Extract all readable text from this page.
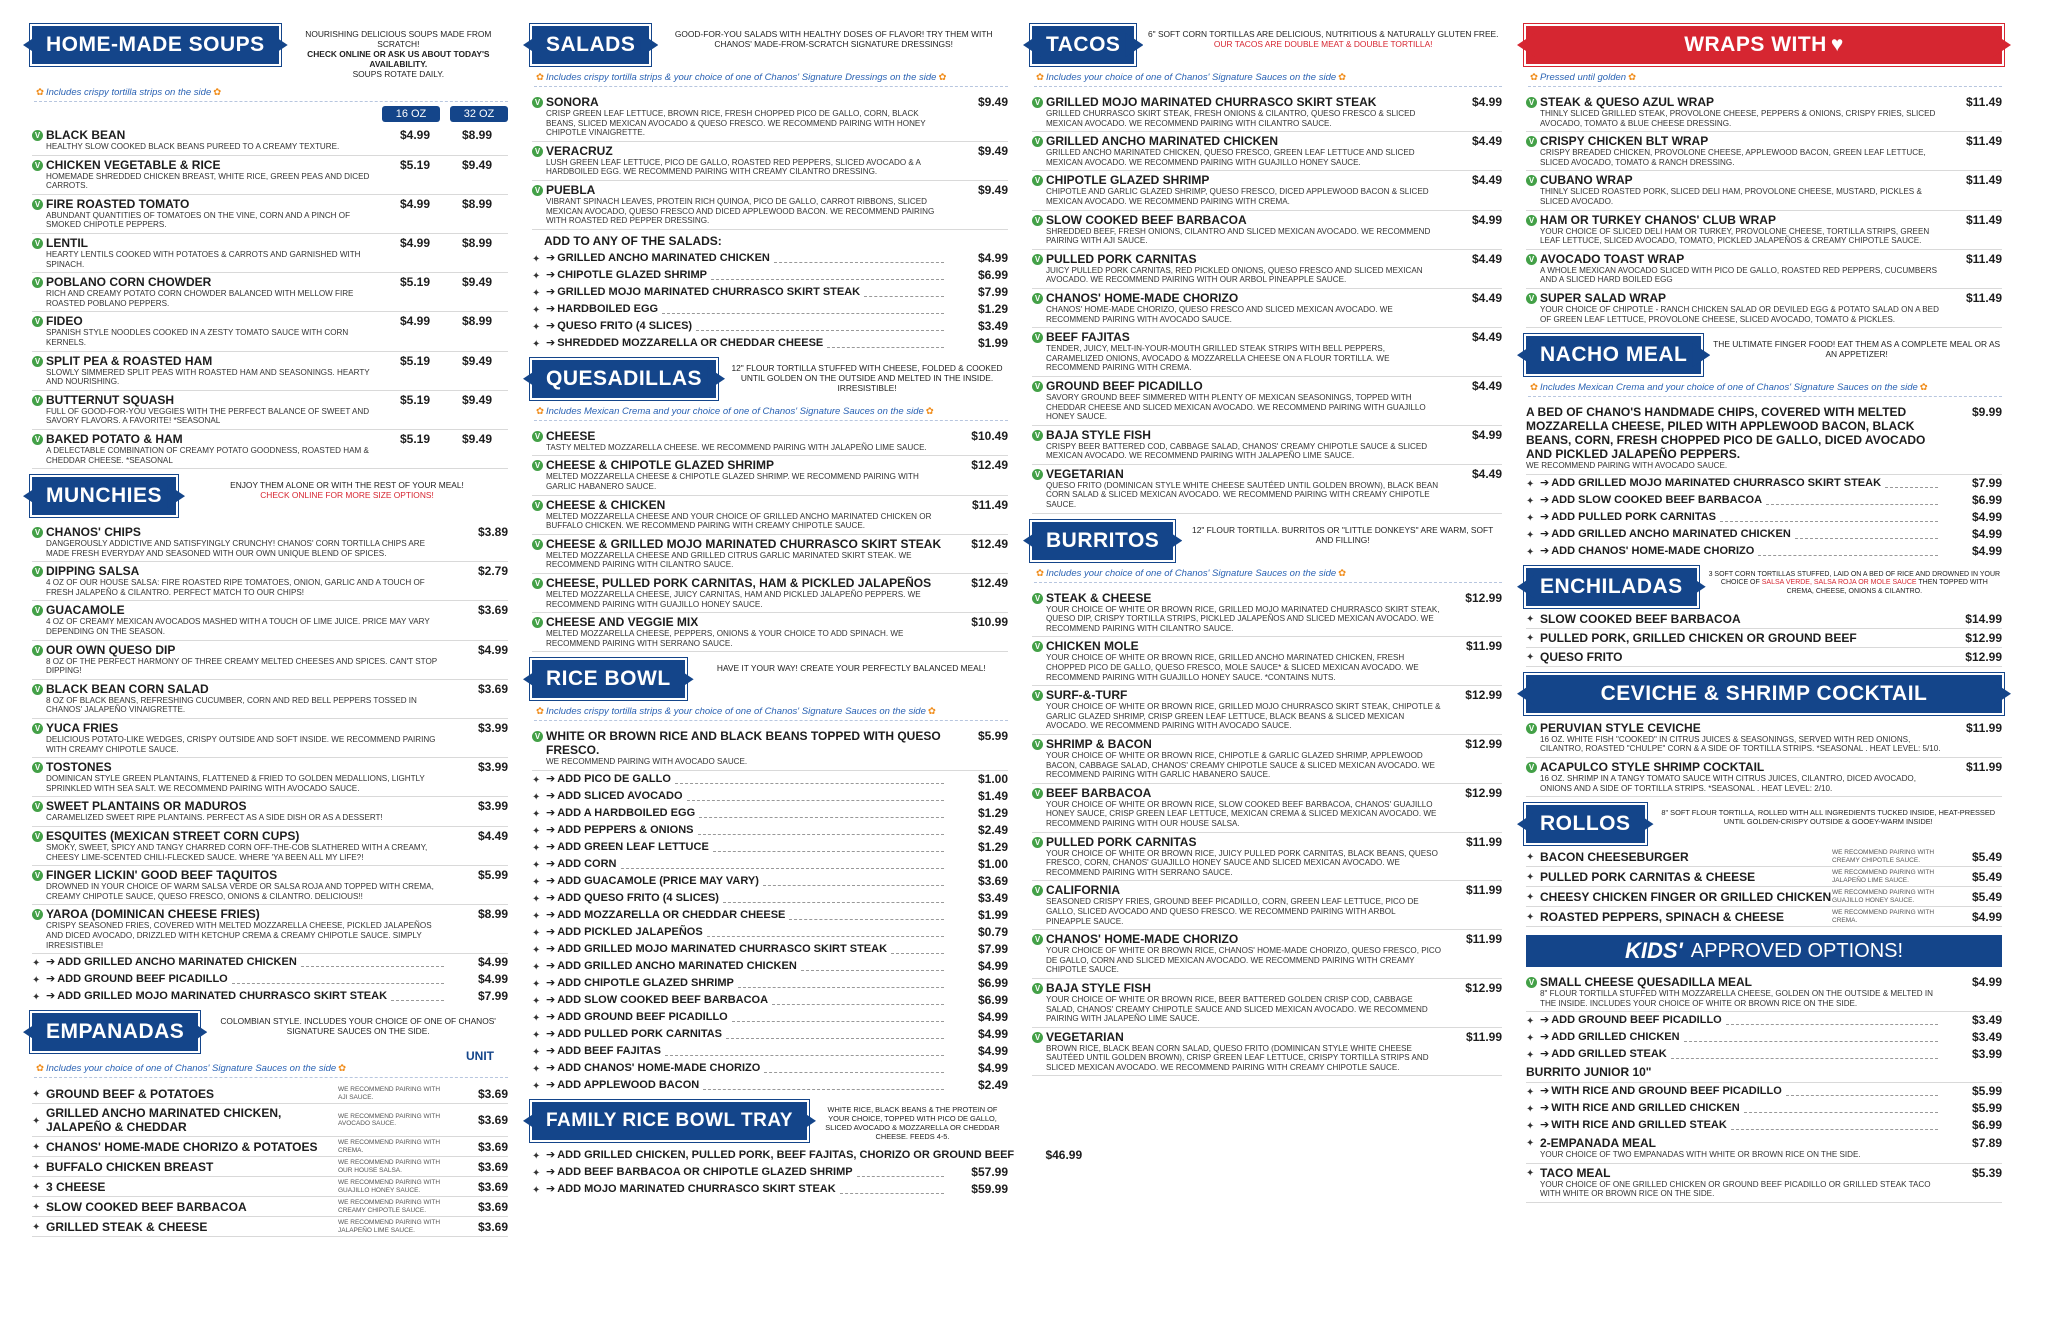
HOME-MADE SOUPS	NOURISHING DELICIOUS SOUPS MADE FROM SCRATCH!
CHECK ONLINE OR ASK US ABOUT TODAY'S AVAILABILITY.
SOUPS ROTATE DAILY.
✿ Includes crispy tortilla strips on the side ✿
16 OZ	32 OZ
V BLACK BEAN
HEALTHY SLOW COOKED BLACK BEANS PUREED TO A CREAMY TEXTURE.
$4.99	$8.99
V CHICKEN VEGETABLE & RICE
HOMEMADE SHREDDED CHICKEN BREAST, WHITE RICE, GREEN PEAS AND DICED CARROTS.
$5.19	$9.49
V FIRE ROASTED TOMATO
ABUNDANT QUANTITIES OF TOMATOES ON THE VINE, CORN AND A PINCH OF SMOKED CHIPOTLE PEPPERS.
$4.99	$8.99
V LENTIL
HEARTY LENTILS COOKED WITH POTATOES & CARROTS AND GARNISHED WITH SPINACH.
$4.99	$8.99
V POBLANO CORN CHOWDER
RICH AND CREAMY POTATO CORN CHOWDER BALANCED WITH MELLOW FIRE ROASTED POBLANO PEPPERS.
$5.19	$9.49
V FIDEO
SPANISH STYLE NOODLES COOKED IN A ZESTY TOMATO SAUCE WITH CORN KERNELS.
$4.99	$8.99
V SPLIT PEA & ROASTED HAM
SLOWLY SIMMERED SPLIT PEAS WITH ROASTED HAM AND SEASONINGS. HEARTY AND NOURISHING.
$5.19	$9.49
V BUTTERNUT SQUASH
FULL OF GOOD-FOR-YOU VEGGIES WITH THE PERFECT BALANCE OF SWEET AND SAVORY FLAVORS. A FAVORITE! *SEASONAL
$5.19	$9.49
V BAKED POTATO & HAM
A DELECTABLE COMBINATION OF CREAMY POTATO GOODNESS, ROASTED HAM & CHEDDAR CHEESE. *SEASONAL
$5.19	$9.49
MUNCHIES	ENJOY THEM ALONE OR WITH THE REST OF YOUR MEAL!
CHECK ONLINE FOR MORE SIZE OPTIONS!
V CHANOS' CHIPS
DANGEROUSLY ADDICTIVE AND SATISFYINGLY CRUNCHY! CHANOS' CORN TORTILLA CHIPS ARE MADE FRESH EVERYDAY AND SEASONED WITH OUR OWN UNIQUE BLEND OF SPICES.
$3.89
V DIPPING SALSA
4 OZ OF OUR HOUSE SALSA: FIRE ROASTED RIPE TOMATOES, ONION, GARLIC AND A TOUCH OF FRESH JALAPEÑO & CILANTRO. PERFECT MATCH TO OUR CHIPS!
$2.79
V GUACAMOLE
4 OZ OF CREAMY MEXICAN AVOCADOS MASHED WITH A TOUCH OF LIME JUICE. PRICE MAY VARY DEPENDING ON THE SEASON.
$3.69
V OUR OWN QUESO DIP
8 OZ OF THE PERFECT HARMONY OF THREE CREAMY MELTED CHEESES AND SPICES. CAN'T STOP DIPPING!
$4.99
V BLACK BEAN CORN SALAD
8 OZ OF BLACK BEANS, REFRESHING CUCUMBER, CORN AND RED BELL PEPPERS TOSSED IN CHANOS' JALAPEÑO VINAIGRETTE.
$3.69
V YUCA FRIES
DELICIOUS POTATO-LIKE WEDGES, CRISPY OUTSIDE AND SOFT INSIDE. WE RECOMMEND PAIRING WITH CREAMY CHIPOTLE SAUCE.
$3.99
V TOSTONES
DOMINICAN STYLE GREEN PLANTAINS, FLATTENED & FRIED TO GOLDEN MEDALLIONS, LIGHTLY SPRINKLED WITH SEA SALT. WE RECOMMEND PAIRING WITH AVOCADO SAUCE.
$3.99
V SWEET PLANTAINS OR MADUROS
CARAMELIZED SWEET RIPE PLANTAINS. PERFECT AS A SIDE DISH OR AS A DESSERT!
$3.99
V ESQUITES (MEXICAN STREET CORN CUPS)
SMOKY, SWEET, SPICY AND TANGY CHARRED CORN OFF-THE-COB SLATHERED WITH A CREAMY, CHEESY LIME-SCENTED CHILI-FLECKED SAUCE. WHERE 'YA BEEN ALL MY LIFE?!
$4.49
V FINGER LICKIN' GOOD BEEF TAQUITOS
DROWNED IN YOUR CHOICE OF WARM SALSA VERDE OR SALSA ROJA AND TOPPED WITH CREMA, CREAMY CHIPOTLE SAUCE, QUESO FRESCO, ONIONS & CILANTRO. DELICIOUS!!
$5.99
V YAROA (DOMINICAN CHEESE FRIES)
CRISPY SEASONED FRIES, COVERED WITH MELTED MOZZARELLA CHEESE, PICKLED JALAPEÑOS AND DICED AVOCADO, DRIZZLED WITH KETCHUP CREMA & CREAMY CHIPOTLE SAUCE. SIMPLY IRRESISTIBLE!
$8.99
✦ ➔ ADD GRILLED ANCHO MARINATED CHICKEN	$4.99
✦ ➔ ADD GROUND BEEF PICADILLO	$4.99
✦ ➔ ADD GRILLED MOJO MARINATED CHURRASCO SKIRT STEAK	$7.99
EMPANADAS	COLOMBIAN STYLE. INCLUDES YOUR CHOICE OF ONE OF CHANOS' SIGNATURE SAUCES ON THE SIDE.
UNIT
✿ Includes your choice of one of Chanos' Signature Sauces on the side ✿
✦ GROUND BEEF & POTATOES	WE RECOMMEND PAIRING WITH AJI SAUCE.	$3.69
✦
GRILLED ANCHO MARINATED CHICKEN, JALAPEÑO & CHEDDAR
WE RECOMMEND PAIRING WITH AVOCADO SAUCE.	$3.69
✦ CHANOS' HOME-MADE CHORIZO & POTATOES	WE RECOMMEND PAIRING WITH CREMA.	$3.69
✦ BUFFALO CHICKEN BREAST	WE RECOMMEND PAIRING WITH OUR HOUSE SALSA.	$3.69
✦ 3 CHEESE	WE RECOMMEND PAIRING WITH GUAJILLO HONEY SAUCE.	$3.69
✦ SLOW COOKED BEEF BARBACOA	WE RECOMMEND PAIRING WITH CREAMY CHIPOTLE SAUCE.	$3.69
✦ GRILLED STEAK & CHEESE	WE RECOMMEND PAIRING WITH JALAPEÑO LIME SAUCE.	$3.69
SALADS	GOOD-FOR-YOU SALADS WITH HEALTHY DOSES OF FLAVOR! TRY THEM WITH CHANOS' MADE-FROM-SCRATCH SIGNATURE DRESSINGS!
✿ Includes crispy tortilla strips & your choice of one of Chanos' Signature Dressings on the side ✿
V SONORA
CRISP GREEN LEAF LETTUCE, BROWN RICE, FRESH CHOPPED PICO DE GALLO, CORN, BLACK BEANS, SLICED MEXICAN AVOCADO & QUESO FRESCO. WE RECOMMEND PAIRING WITH HONEY CHIPOTLE VINAIGRETTE.
$9.49
V VERACRUZ
LUSH GREEN LEAF LETTUCE, PICO DE GALLO, ROASTED RED PEPPERS, SLICED AVOCADO & A HARDBOILED EGG. WE RECOMMEND PAIRING WITH CREAMY CILANTRO DRESSING.
$9.49
V PUEBLA
VIBRANT SPINACH LEAVES, PROTEIN RICH QUINOA, PICO DE GALLO, CARROT RIBBONS, SLICED MEXICAN AVOCADO, QUESO FRESCO AND DICED APPLEWOOD BACON. WE RECOMMEND PAIRING WITH ROASTED RED PEPPER DRESSING.
$9.49
ADD TO ANY OF THE SALADS:
✦ ➔ GRILLED ANCHO MARINATED CHICKEN	$4.99
✦ ➔ CHIPOTLE GLAZED SHRIMP	$6.99
✦ ➔ GRILLED MOJO MARINATED CHURRASCO SKIRT STEAK	$7.99
✦ ➔ HARDBOILED EGG	$1.29
✦ ➔ QUESO FRITO (4 SLICES)	$3.49
✦ ➔ SHREDDED MOZZARELLA OR CHEDDAR CHEESE	$1.99
QUESADILLAS	12" FLOUR TORTILLA STUFFED WITH CHEESE, FOLDED & COOKED UNTIL GOLDEN ON THE OUTSIDE AND MELTED IN THE INSIDE. IRRESISTIBLE!
✿ Includes Mexican Crema and your choice of one of Chanos' Signature Sauces on the side ✿
V CHEESE
TASTY MELTED MOZZARELLA CHEESE. WE RECOMMEND PAIRING WITH JALAPEÑO LIME SAUCE.
$10.49
V CHEESE & CHIPOTLE GLAZED SHRIMP
MELTED MOZZARELLA CHEESE & CHIPOTLE GLAZED SHRIMP. WE RECOMMEND PAIRING WITH GARLIC HABANERO SAUCE.
$12.49
V CHEESE & CHICKEN
MELTED MOZZARELLA CHEESE AND YOUR CHOICE OF GRILLED ANCHO MARINATED CHICKEN OR BUFFALO CHICKEN. WE RECOMMEND PAIRING WITH CREAMY CHIPOTLE SAUCE.
$11.49
V CHEESE & GRILLED MOJO MARINATED CHURRASCO SKIRT STEAK
MELTED MOZZARELLA CHEESE AND GRILLED CITRUS GARLIC MARINATED SKIRT STEAK. WE RECOMMEND PAIRING WITH CILANTRO SAUCE.
$12.49
V CHEESE, PULLED PORK CARNITAS, HAM & PICKLED JALAPEÑOS
MELTED MOZZARELLA CHEESE, JUICY CARNITAS, HAM AND PICKLED JALAPEÑO PEPPERS. WE RECOMMEND PAIRING WITH GUAJILLO HONEY SAUCE.
$12.49
V CHEESE AND VEGGIE MIX
MELTED MOZZARELLA CHEESE, PEPPERS, ONIONS & YOUR CHOICE TO ADD SPINACH. WE RECOMMEND PAIRING WITH SERRANO SAUCE.
$10.99
RICE BOWL	HAVE IT YOUR WAY! CREATE YOUR PERFECTLY BALANCED MEAL!
✿ Includes crispy tortilla strips & your choice of one of Chanos' Signature Sauces on the side ✿
V WHITE OR BROWN RICE AND BLACK BEANS TOPPED WITH QUESO FRESCO.
WE RECOMMEND PAIRING WITH AVOCADO SAUCE.
$5.99
✦ ➔ ADD PICO DE GALLO	$1.00
✦ ➔ ADD SLICED AVOCADO	$1.49
✦ ➔ ADD A HARDBOILED EGG	$1.29
✦ ➔ ADD PEPPERS & ONIONS	$2.49
✦ ➔ ADD GREEN LEAF LETTUCE	$1.29
✦ ➔ ADD CORN	$1.00
✦ ➔ ADD GUACAMOLE (PRICE MAY VARY)	$3.69
✦ ➔ ADD QUESO FRITO (4 SLICES)	$3.49
✦ ➔ ADD MOZZARELLA OR CHEDDAR CHEESE	$1.99
✦ ➔ ADD PICKLED JALAPEÑOS	$0.79
✦ ➔ ADD GRILLED MOJO MARINATED CHURRASCO SKIRT STEAK	$7.99
✦ ➔ ADD GRILLED ANCHO MARINATED CHICKEN	$4.99
✦ ➔ ADD CHIPOTLE GLAZED SHRIMP	$6.99
✦ ➔ ADD SLOW COOKED BEEF BARBACOA	$6.99
✦ ➔ ADD GROUND BEEF PICADILLO	$4.99
✦ ➔ ADD PULLED PORK CARNITAS	$4.99
✦ ➔ ADD BEEF FAJITAS	$4.99
✦ ➔ ADD CHANOS' HOME-MADE CHORIZO	$4.99
✦ ➔ ADD APPLEWOOD BACON	$2.49
FAMILY RICE BOWL TRAY
WHITE RICE, BLACK BEANS & THE PROTEIN OF YOUR CHOICE, TOPPED WITH PICO DE GALLO, SLICED AVOCADO & MOZZARELLA OR CHEDDAR CHEESE. FEEDS 4-5.
✦ ➔ ADD GRILLED CHICKEN, PULLED PORK, BEEF FAJITAS, CHORIZO OR GROUND BEEF	$46.99
✦ ➔ ADD BEEF BARBACOA OR CHIPOTLE GLAZED SHRIMP	$57.99
✦ ➔ ADD MOJO MARINATED CHURRASCO SKIRT STEAK	$59.99
TACOS	6" SOFT CORN TORTILLAS ARE DELICIOUS, NUTRITIOUS & NATURALLY GLUTEN FREE. OUR TACOS ARE DOUBLE MEAT & DOUBLE TORTILLA!
✿ Includes your choice of one of Chanos' Signature Sauces on the side ✿
V GRILLED MOJO MARINATED CHURRASCO SKIRT STEAK
GRILLED CHURRASCO SKIRT STEAK, FRESH ONIONS & CILANTRO, QUESO FRESCO & SLICED MEXICAN AVOCADO. WE RECOMMEND PAIRING WITH CILANTRO SAUCE.
$4.99
V GRILLED ANCHO MARINATED CHICKEN
GRILLED ANCHO MARINATED CHICKEN, QUESO FRESCO, GREEN LEAF LETTUCE AND SLICED MEXICAN AVOCADO. WE RECOMMEND PAIRING WITH GUAJILLO HONEY SAUCE.
$4.49
V CHIPOTLE GLAZED SHRIMP
CHIPOTLE AND GARLIC GLAZED SHRIMP, QUESO FRESCO, DICED APPLEWOOD BACON & SLICED MEXICAN AVOCADO. WE RECOMMEND PAIRING WITH CREMA.
$4.49
V SLOW COOKED BEEF BARBACOA
SHREDDED BEEF, FRESH ONIONS, CILANTRO AND SLICED MEXICAN AVOCADO. WE RECOMMEND PAIRING WITH AJI SAUCE.
$4.99
V PULLED PORK CARNITAS
JUICY PULLED PORK CARNITAS, RED PICKLED ONIONS, QUESO FRESCO AND SLICED MEXICAN AVOCADO. WE RECOMMEND PAIRING WITH OUR ARBOL PINEAPPLE SAUCE.
$4.49
V CHANOS' HOME-MADE CHORIZO
CHANOS' HOME-MADE CHORIZO, QUESO FRESCO AND SLICED MEXICAN AVOCADO. WE RECOMMEND PAIRING WITH AVOCADO SAUCE.
$4.49
V BEEF FAJITAS
TENDER, JUICY, MELT-IN-YOUR-MOUTH GRILLED STEAK STRIPS WITH BELL PEPPERS, CARAMELIZED ONIONS, AVOCADO & MOZZARELLA CHEESE ON A FLOUR TORTILLA. WE RECOMMEND PAIRING WITH CREMA.
$4.49
V GROUND BEEF PICADILLO
SAVORY GROUND BEEF SIMMERED WITH PLENTY OF MEXICAN SEASONINGS, TOPPED WITH CHEDDAR CHEESE AND SLICED MEXICAN AVOCADO. WE RECOMMEND PAIRING WITH GUAJILLO HONEY SAUCE.
$4.49
V BAJA STYLE FISH
CRISPY BEER BATTERED COD, CABBAGE SALAD, CHANOS' CREAMY CHIPOTLE SAUCE & SLICED MEXICAN AVOCADO. WE RECOMMEND PAIRING WITH JALAPEÑO LIME SAUCE.
$4.99
V VEGETARIAN
QUESO FRITO (DOMINICAN STYLE WHITE CHEESE SAUTÉED UNTIL GOLDEN BROWN), BLACK BEAN CORN SALAD & SLICED MEXICAN AVOCADO. WE RECOMMEND PAIRING WITH CREAMY CHIPOTLE SAUCE.
$4.49
BURRITOS	12" FLOUR TORTILLA. BURRITOS OR "LITTLE DONKEYS" ARE WARM, SOFT AND FILLING!
✿ Includes your choice of one of Chanos' Signature Sauces on the side ✿
V STEAK & CHEESE
YOUR CHOICE OF WHITE OR BROWN RICE, GRILLED MOJO MARINATED CHURRASCO SKIRT STEAK, QUESO DIP, CRISPY TORTILLA STRIPS, PICKLED JALAPEÑOS AND SLICED MEXICAN AVOCADO. WE RECOMMEND PAIRING WITH CILANTRO SAUCE.
$12.99
V CHICKEN MOLE
YOUR CHOICE OF WHITE OR BROWN RICE, GRILLED ANCHO MARINATED CHICKEN, FRESH CHOPPED PICO DE GALLO, QUESO FRESCO, MOLE SAUCE* & SLICED MEXICAN AVOCADO. WE RECOMMEND PAIRING WITH GUAJILLO HONEY SAUCE. *CONTAINS NUTS.
$11.99
V SURF-&-TURF
YOUR CHOICE OF WHITE OR BROWN RICE, GRILLED MOJO CHURRASCO SKIRT STEAK, CHIPOTLE & GARLIC GLAZED SHRIMP, CRISP GREEN LEAF LETTUCE, BLACK BEANS & SLICED MEXICAN AVOCADO. WE RECOMMEND PAIRING WITH AVOCADO SAUCE.
$12.99
V SHRIMP & BACON
YOUR CHOICE OF WHITE OR BROWN RICE, CHIPOTLE & GARLIC GLAZED SHRIMP, APPLEWOOD BACON, CABBAGE SALAD, CHANOS' CREAMY CHIPOTLE SAUCE & SLICED MEXICAN AVOCADO. WE RECOMMEND PAIRING WITH GARLIC HABANERO SAUCE.
$12.99
V BEEF BARBACOA
YOUR CHOICE OF WHITE OR BROWN RICE, SLOW COOKED BEEF BARBACOA, CHANOS' GUAJILLO HONEY SAUCE, CRISP GREEN LEAF LETTUCE, MEXICAN CREMA & SLICED MEXICAN AVOCADO. WE RECOMMEND PAIRING WITH OUR HOUSE SALSA.
$12.99
V PULLED PORK CARNITAS
YOUR CHOICE OF WHITE OR BROWN RICE, JUICY PULLED PORK CARNITAS, BLACK BEANS, QUESO FRESCO, CORN, CHANOS' GUAJILLO HONEY SAUCE AND SLICED MEXICAN AVOCADO. WE RECOMMEND PAIRING WITH SERRANO SAUCE.
$11.99
V CALIFORNIA
SEASONED CRISPY FRIES, GROUND BEEF PICADILLO, CORN, GREEN LEAF LETTUCE, PICO DE GALLO, SLICED AVOCADO AND QUESO FRESCO. WE RECOMMEND PAIRING WITH ARBOL PINEAPPLE SAUCE.
$11.99
V CHANOS' HOME-MADE CHORIZO
YOUR CHOICE OF WHITE OR BROWN RICE, CHANOS' HOME-MADE CHORIZO, QUESO FRESCO, PICO DE GALLO, CORN AND SLICED MEXICAN AVOCADO. WE RECOMMEND PAIRING WITH CREAMY CHIPOTLE SAUCE.
$11.99
V BAJA STYLE FISH
YOUR CHOICE OF WHITE OR BROWN RICE, BEER BATTERED GOLDEN CRISP COD, CABBAGE SALAD, CHANOS' CREAMY CHIPOTLE SAUCE AND SLICED MEXICAN AVOCADO. WE RECOMMEND PAIRING WITH JALAPEÑO LIME SAUCE.
$12.99
V VEGETARIAN
BROWN RICE, BLACK BEAN CORN SALAD, QUESO FRITO (DOMINICAN STYLE WHITE CHEESE SAUTÉED UNTIL GOLDEN BROWN), CRISP GREEN LEAF LETTUCE, CRISPY TORTILLA STRIPS AND SLICED MEXICAN AVOCADO. WE RECOMMEND PAIRING WITH CREAMY CHIPOTLE SAUCE.
$11.99
WRAPS WITH ♥
✿ Pressed until golden ✿
V STEAK & QUESO AZUL WRAP
THINLY SLICED GRILLED STEAK, PROVOLONE CHEESE, PEPPERS & ONIONS, CRISPY FRIES, SLICED AVOCADO, TOMATO & BLUE CHEESE DRESSING.
$11.49
V CRISPY CHICKEN BLT WRAP
CRISPY BREADED CHICKEN, PROVOLONE CHEESE, APPLEWOOD BACON, GREEN LEAF LETTUCE, SLICED AVOCADO, TOMATO & RANCH DRESSING.
$11.49
V CUBANO WRAP
THINLY SLICED ROASTED PORK, SLICED DELI HAM, PROVOLONE CHEESE, MUSTARD, PICKLES & SLICED AVOCADO.
$11.49
V HAM OR TURKEY CHANOS' CLUB WRAP
YOUR CHOICE OF SLICED DELI HAM OR TURKEY, PROVOLONE CHEESE, TORTILLA STRIPS, GREEN LEAF LETTUCE, SLICED AVOCADO, TOMATO, PICKLED JALAPEÑOS & CREAMY CHIPOTLE SAUCE.
$11.49
V AVOCADO TOAST WRAP
A WHOLE MEXICAN AVOCADO SLICED WITH PICO DE GALLO, ROASTED RED PEPPERS, CUCUMBERS AND A SLICED HARD BOILED EGG
$11.49
V SUPER SALAD WRAP
YOUR CHOICE OF CHIPOTLE - RANCH CHICKEN SALAD OR DEVILED EGG & POTATO SALAD ON A BED OF GREEN LEAF LETTUCE, PROVOLONE CHEESE, SLICED AVOCADO, TOMATO & PICKLES.
$11.49
NACHO MEAL	THE ULTIMATE FINGER FOOD! EAT THEM AS A COMPLETE MEAL OR AS AN APPETIZER!
✿ Includes Mexican Crema and your choice of one of Chanos' Signature Sauces on the side ✿
A BED OF CHANO'S HANDMADE CHIPS, COVERED WITH MELTED MOZZARELLA CHEESE, PILED WITH APPLEWOOD BACON, BLACK BEANS, CORN, FRESH CHOPPED PICO DE GALLO, DICED AVOCADO AND PICKLED JALAPEÑO PEPPERS.
WE RECOMMEND PAIRING WITH AVOCADO SAUCE.
$9.99
✦ ➔ ADD GRILLED MOJO MARINATED CHURRASCO SKIRT STEAK	$7.99
✦ ➔ ADD SLOW COOKED BEEF BARBACOA	$6.99
✦ ➔ ADD PULLED PORK CARNITAS	$4.99
✦ ➔ ADD GRILLED ANCHO MARINATED CHICKEN	$4.99
✦ ➔ ADD CHANOS' HOME-MADE CHORIZO	$4.99
ENCHILADAS
3 SOFT CORN TORTILLAS STUFFED, LAID ON A BED OF RICE AND DROWNED IN YOUR CHOICE OF SALSA VERDE, SALSA ROJA OR MOLE SAUCE THEN TOPPED WITH CREMA, CHEESE, ONIONS & CILANTRO.
✦ SLOW COOKED BEEF BARBACOA	$14.99
✦ PULLED PORK, GRILLED CHICKEN OR GROUND BEEF	$12.99
✦ QUESO FRITO	$12.99
CEVICHE & SHRIMP COCKTAIL
V PERUVIAN STYLE CEVICHE
16 OZ. WHITE FISH "COOKED" IN CITRUS JUICES & SEASONINGS, SERVED WITH RED ONIONS, CILANTRO, ROASTED "CHULPE" CORN & A SIDE OF TORTILLA STRIPS. *SEASONAL . HEAT LEVEL: 5/10.
$11.99
V ACAPULCO STYLE SHRIMP COCKTAIL
16 OZ. SHRIMP IN A TANGY TOMATO SAUCE WITH CITRUS JUICES, CILANTRO, DICED AVOCADO, ONIONS AND A SIDE OF TORTILLA STRIPS. *SEASONAL . HEAT LEVEL: 2/10.
$11.99
ROLLOS	8" SOFT FLOUR TORTILLA, ROLLED WITH ALL INGREDIENTS TUCKED INSIDE, HEAT-PRESSED UNTIL GOLDEN-CRISPY OUTSIDE & GOOEY-WARM INSIDE!
✦ BACON CHEESEBURGER	WE RECOMMEND PAIRING WITH CREAMY CHIPOTLE SAUCE.	$5.49
✦ PULLED PORK CARNITAS & CHEESE	WE RECOMMEND PAIRING WITH JALAPEÑO LIME SAUCE.	$5.49
✦ CHEESY CHICKEN FINGER OR GRILLED CHICKEN WE RECOMMEND PAIRING WITH GUAJILLO HONEY SAUCE.	$5.49
✦ ROASTED PEPPERS, SPINACH & CHEESE	WE RECOMMEND PAIRING WITH CREMA.	$4.99
KIDS' APPROVED OPTIONS!
V SMALL CHEESE QUESADILLA MEAL
8" FLOUR TORTILLA STUFFED WITH MOZZARELLA CHEESE, GOLDEN ON THE OUTSIDE & MELTED IN THE INSIDE. INCLUDES YOUR CHOICE OF WHITE OR BROWN RICE ON THE SIDE.
$4.99
✦ ➔ ADD GROUND BEEF PICADILLO	$3.49
✦ ➔ ADD GRILLED CHICKEN	$3.49
✦ ➔ ADD GRILLED STEAK	$3.99
BURRITO JUNIOR 10"
✦ ➔ WITH RICE AND GROUND BEEF PICADILLO	$5.99
✦ ➔ WITH RICE AND GRILLED CHICKEN	$5.99
✦ ➔ WITH RICE AND GRILLED STEAK	$6.99
✦ 2-EMPANADA MEAL
YOUR CHOICE OF TWO EMPANADAS WITH WHITE OR BROWN RICE ON THE SIDE.
$7.89
✦ TACO MEAL
YOUR CHOICE OF ONE GRILLED CHICKEN OR GROUND BEEF PICADILLO OR GRILLED STEAK TACO WITH WHITE OR BROWN RICE ON THE SIDE.
$5.39
